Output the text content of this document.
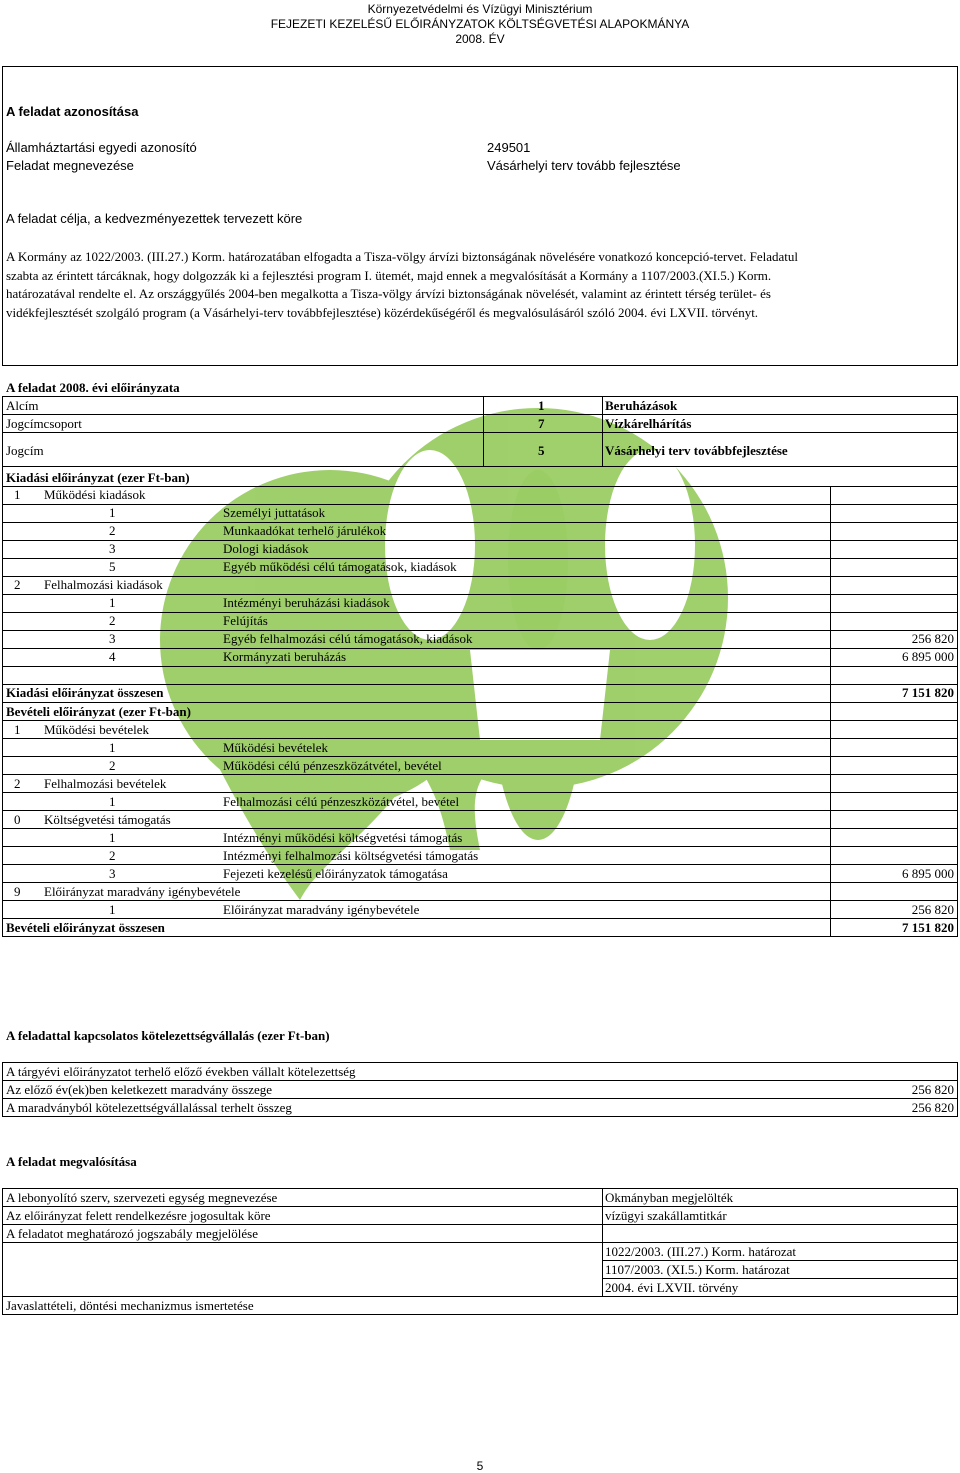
Környezetvédelmi és Vízügyi Minisztérium
FEJEZETI KEZELÉSŰ ELŐIRÁNYZATOK KÖLTSÉGVETÉSI ALAPOKMÁNYA
2008. ÉV
A feladat azonosítása
Államháztartási egyedi azonosító	249501
Feladat megnevezése	Vásárhelyi terv tovább fejlesztése
A feladat célja, a kedvezményezettek tervezett köre
A Kormány az 1022/2003. (III.27.) Korm. határozatában elfogadta a Tisza-völgy árvízi biztonságának növelésére vonatkozó koncepció-tervet. Feladatul szabta az érintett tárcáknak, hogy dolgozzák ki a fejlesztési program I. ütemét, majd ennek a megvalósítását a Kormány a 1107/2003.(XI.5.) Korm. határozatával rendelte el. Az országgyűlés 2004-ben megalkotta a Tisza-völgy árvízi biztonságának növelését, valamint az érintett térség terület- és vidékfejlesztését szolgáló program (a Vásárhelyi-terv továbbfejlesztése) közérdekűségéről és megvalósulásáról szóló 2004. évi LXVII. törvényt.
A feladat 2008. évi előirányzata
Alcím	1	Beruházások
Jogcímcsoport	7	Vízkárelhárítás
Jogcím	5	Vásárhelyi terv továbbfejlesztése
Kiadási előirányzat (ezer Ft-ban)
1 Működési kiadások
1	Személyi juttatások
2	Munkaadókat terhelő járulékok
3	Dologi kiadások
5	Egyéb működési célú támogatások, kiadások
2 Felhalmozási kiadások
1	Intézményi beruházási kiadások
2	Felújítás
3	Egyéb felhalmozási célú támogatások, kiadások	256 820
4	Kormányzati beruházás	6 895 000
Kiadási előirányzat összesen	7 151 820
Bevételi előirányzat (ezer Ft-ban)
1 Működési bevételek
1	Működési bevételek
2	Működési célú pénzeszközátvétel, bevétel
2 Felhalmozási bevételek
1	Felhalmozási célú pénzeszközátvétel, bevétel
0 Költségvetési támogatás
1	Intézményi működési költségvetési támogatás
2	Intézményi felhalmozási költségvetési támogatás
3	Fejezeti kezelésű előirányzatok támogatása	6 895 000
9 Előirányzat maradvány igénybevétele
1	Előirányzat maradvány igénybevétele	256 820
Bevételi előirányzat összesen	7 151 820
A feladattal kapcsolatos kötelezettségvállalás (ezer Ft-ban)
A tárgyévi előirányzatot terhelő előző években vállalt kötelezettség
Az előző év(ek)ben keletkezett maradvány összege	256 820
A maradványból kötelezettségvállalással terhelt összeg	256 820
A feladat megvalósítása
A lebonyolító szerv, szervezeti egység megnevezése	Okmányban megjelölték
Az előirányzat felett rendelkezésre jogosultak köre	vízügyi szakállamtitkár
A feladatot meghatározó jogszabály megjelölése
1022/2003. (III.27.) Korm. határozat
1107/2003. (XI.5.) Korm. határozat
2004. évi LXVII. törvény
Javaslattételi, döntési mechanizmus ismertetése
5
